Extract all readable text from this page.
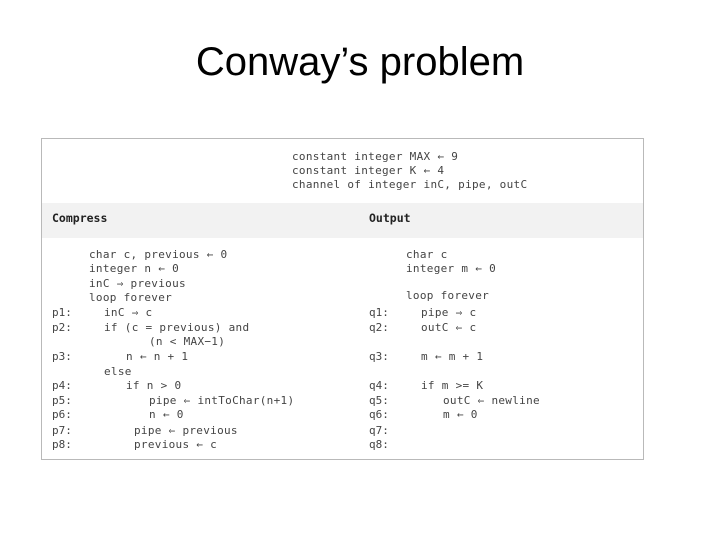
Conway’s problem
constant integer MAX ← 9
constant integer K ← 4
channel of integer inC, pipe, outC
Compress	Output
char c, previous ← 0
integer n ← 0
inC ⇒ previous
loop forever
p1:	inC ⇒ c
p2:	if (c = previous) and
(n < MAX−1)
p3:	n ← n + 1
else
p4:	if n > 0
p5:	pipe ⇐ intToChar(n+1)
p6:	n ← 0
p7:	pipe ⇐ previous
p8:	previous ← c
char c
integer m ← 0
loop forever
q1:	pipe ⇒ c
q2:	outC ⇐ c
q3:	m ← m + 1
q4:	if m >= K
q5:	outC ⇐ newline
q6:	m ← 0
q7:
q8:
